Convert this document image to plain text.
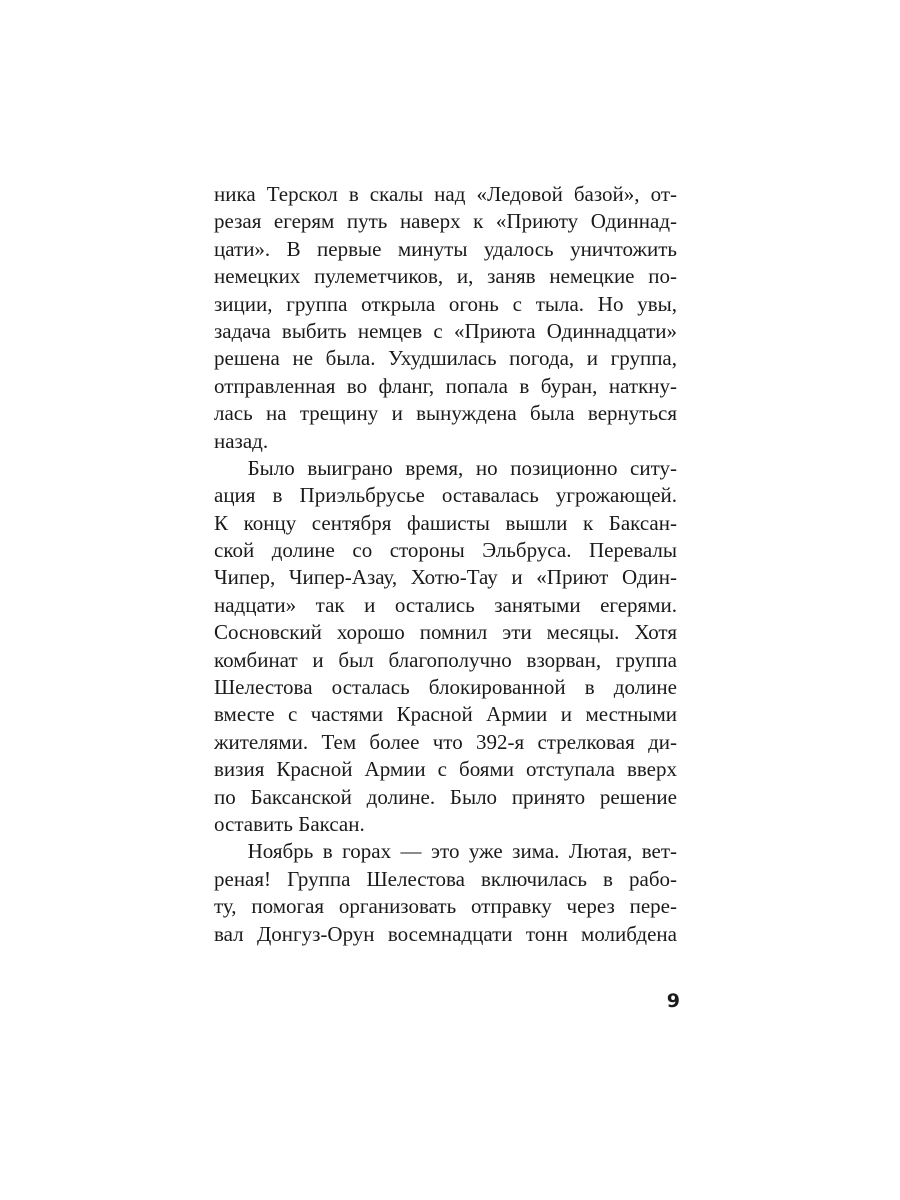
ника Терскол в скалы над «Ледовой базой», от-
резая егерям путь наверх к «Приюту Одиннад-
цати». В первые минуты удалось уничтожить
немецких пулеметчиков, и, заняв немецкие по-
зиции, группа открыла огонь с тыла. Но увы,
задача выбить немцев с «Приюта Одиннадцати»
решена не была. Ухудшилась погода, и группа,
отправленная во фланг, попала в буран, наткну-
лась на трещину и вынуждена была вернуться
назад.
Было выиграно время, но позиционно ситу-
ация в Приэльбрусье оставалась угрожающей.
К концу сентября фашисты вышли к Баксан-
ской долине со стороны Эльбруса. Перевалы
Чипер, Чипер-Азау, Хотю-Тау и «Приют Один-
надцати» так и остались занятыми егерями.
Сосновский хорошо помнил эти месяцы. Хотя
комбинат и был благополучно взорван, группа
Шелестова осталась блокированной в долине
вместе с частями Красной Армии и местными
жителями. Тем более что 392-я стрелковая ди-
визия Красной Армии с боями отступала вверх
по Баксанской долине. Было принято решение
оставить Баксан.
Ноябрь в горах — это уже зима. Лютая, вет-
реная! Группа Шелестова включилась в рабо-
ту, помогая организовать отправку через пере-
вал Донгуз-Орун восемнадцати тонн молибдена
9
